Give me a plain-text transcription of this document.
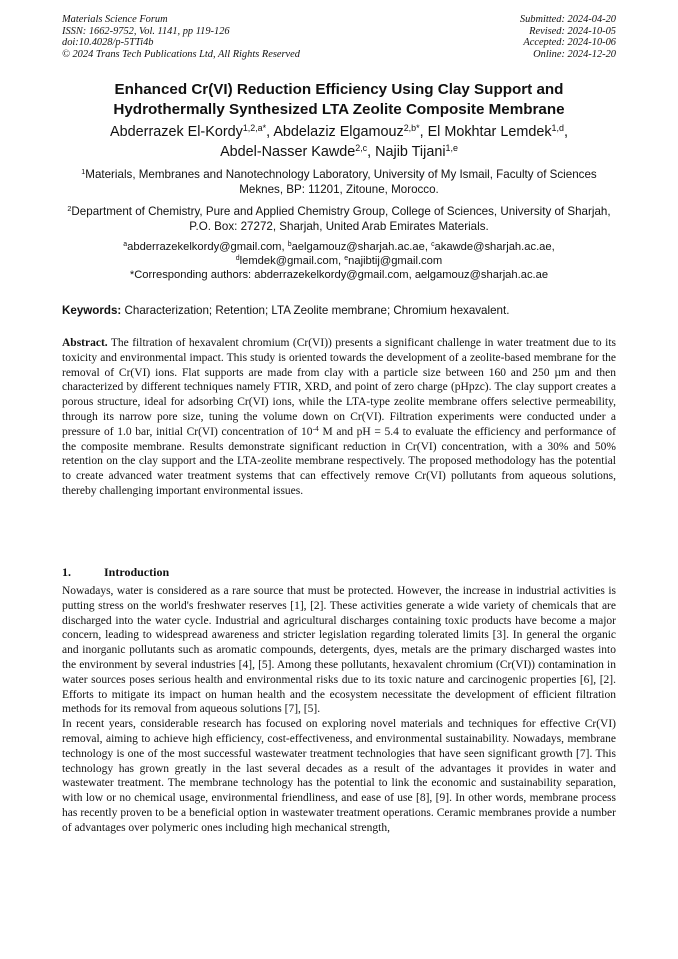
Materials Science Forum
ISSN: 1662-9752, Vol. 1141, pp 119-126
doi:10.4028/p-5TTi4b
© 2024 Trans Tech Publications Ltd, All Rights Reserved
Submitted: 2024-04-20
Revised: 2024-10-05
Accepted: 2024-10-06
Online: 2024-12-20
Enhanced Cr(VI) Reduction Efficiency Using Clay Support and
Hydrothermally Synthesized LTA Zeolite Composite Membrane
Abderrazek El-Kordy$^{1,2,a*}$, Abdelaziz Elgamouz$^{2,b*}$, El Mokhtar Lemdek$^{1,d}$,
Abdel-Nasser Kawde$^{2,c}$, Najib Tijani$^{1,e}$
$^1$Materials, Membranes and Nanotechnology Laboratory, University of My Ismail, Faculty of Sciences Meknes, BP: 11201, Zitoune, Morocco.
$^2$Department of Chemistry, Pure and Applied Chemistry Group, College of Sciences, University of Sharjah, P.O. Box: 27272, Sharjah, United Arab Emirates Materials.
$^a$abderrazekelkordy@gmail.com, $^b$aelgamouz@sharjah.ac.ae, $^c$akawde@sharjah.ac.ae,
$^d$lemdek@gmail.com, $^e$najibtij@gmail.com
*Corresponding authors: abderrazekelkordy@gmail.com, aelgamouz@sharjah.ac.ae
Keywords: Characterization; Retention; LTA Zeolite membrane; Chromium hexavalent.
Abstract. The filtration of hexavalent chromium (Cr(VI)) presents a significant challenge in water treatment due to its toxicity and environmental impact. This study is oriented towards the development of a zeolite-based membrane for the removal of Cr(VI) ions. Flat supports are made from clay with a particle size between 160 and 250 µm and then characterized by different techniques namely FTIR, XRD, and point of zero charge (pHpzc). The clay support creates a porous structure, ideal for adsorbing Cr(VI) ions, while the LTA-type zeolite membrane offers selective permeability, through its narrow pore size, tuning the volume down on Cr(VI). Filtration experiments were conducted under a pressure of 1.0 bar, initial Cr(VI) concentration of $10^{-4}$ M and pH = 5.4 to evaluate the efficiency and performance of the composite membrane. Results demonstrate significant reduction in Cr(VI) concentration, with a 30% and 50% retention on the clay support and the LTA-zeolite membrane respectively. The proposed methodology has the potential to create advanced water treatment systems that can effectively remove Cr(VI) pollutants from aqueous solutions, thereby challenging important environmental issues.
1.	Introduction

Nowadays, water is considered as a rare source that must be protected. However, the increase in industrial activities is putting stress on the world's freshwater reserves [1], [2]. These activities generate a wide variety of chemicals that are discharged into the water cycle. Industrial and agricultural discharges containing toxic products have become a major concern, leading to widespread awareness and stricter legislation regarding tolerated limits [3]. In general the organic and inorganic pollutants such as aromatic compounds, detergents, dyes, metals are the primary discharged wastes into the environment by several industries [4], [5]. Among these pollutants, hexavalent chromium (Cr(VI)) contamination in water sources poses serious health and environmental risks due to its toxic nature and carcinogenic properties [6], [2]. Efforts to mitigate its impact on human health and the ecosystem necessitate the development of efficient filtration methods for its removal from aqueous solutions [7], [5].

In recent years, considerable research has focused on exploring novel materials and techniques for effective Cr(VI) removal, aiming to achieve high efficiency, cost-effectiveness, and environmental sustainability. Nowadays, membrane technology is one of the most successful wastewater treatment technologies that have seen significant growth [7]. This technology has grown greatly in the last several decades as a result of the advantages it provides in water and wastewater treatment. The membrane technology has the potential to link the economic and sustainability separation, with low or no chemical usage, environmental friendliness, and ease of use [8], [9]. In other words, membrane process has recently proven to be a beneficial option in wastewater treatment operations. Ceramic membranes provide a number of advantages over polymeric ones including high mechanical strength,
